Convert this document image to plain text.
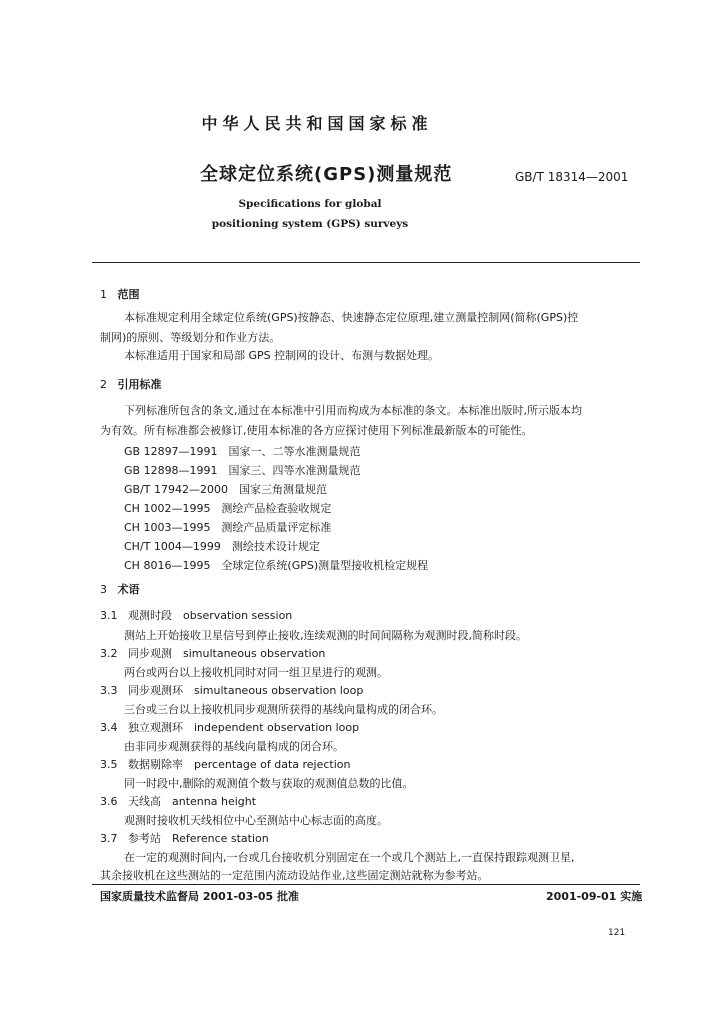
中华人民共和国国家标准
全球定位系统(GPS)测量规范	GB/T 18314—2001
Specifications for global
positioning system (GPS) surveys
1 范围
本标准规定利用全球定位系统(GPS)按静态、快速静态定位原理,建立测量控制网(简称(GPS)控
制网)的原则、等级划分和作业方法。
本标准适用于国家和局部 GPS 控制网的设计、布测与数据处理。
2 引用标准
下列标准所包含的条文,通过在本标准中引用而构成为本标准的条文。本标准出版时,所示版本均
为有效。所有标准都会被修订,使用本标准的各方应探讨使用下列标准最新版本的可能性。
GB 12897—1991　国家一、二等水准测量规范
GB 12898—1991　国家三、四等水准测量规范
GB/T 17942—2000　国家三角测量规范
CH 1002—1995　测绘产品检查验收规定
CH 1003—1995　测绘产品质量评定标准
CH/T 1004—1999　测绘技术设计规定
CH 8016—1995　全球定位系统(GPS)测量型接收机检定规程
3 术语
3.1 观测时段　observation session
测站上开始接收卫星信号到停止接收,连续观测的时间间隔称为观测时段,简称时段。
3.2 同步观测　simultaneous observation
两台或两台以上接收机同时对同一组卫星进行的观测。
3.3 同步观测环　simultaneous observation loop
三台或三台以上接收机同步观测所获得的基线向量构成的闭合环。
3.4 独立观测环　independent observation loop
由非同步观测获得的基线向量构成的闭合环。
3.5 数据剔除率　percentage of data rejection
同一时段中,删除的观测值个数与获取的观测值总数的比值。
3.6 天线高　antenna height
观测时接收机天线相位中心至测站中心标志面的高度。
3.7 参考站　Reference station
在一定的观测时间内,一台或几台接收机分别固定在一个或几个测站上,一直保持跟踪观测卫星,
其余接收机在这些测站的一定范围内流动设站作业,这些固定测站就称为参考站。
国家质量技术监督局 2001-03-05 批准	2001-09-01 实施
121
